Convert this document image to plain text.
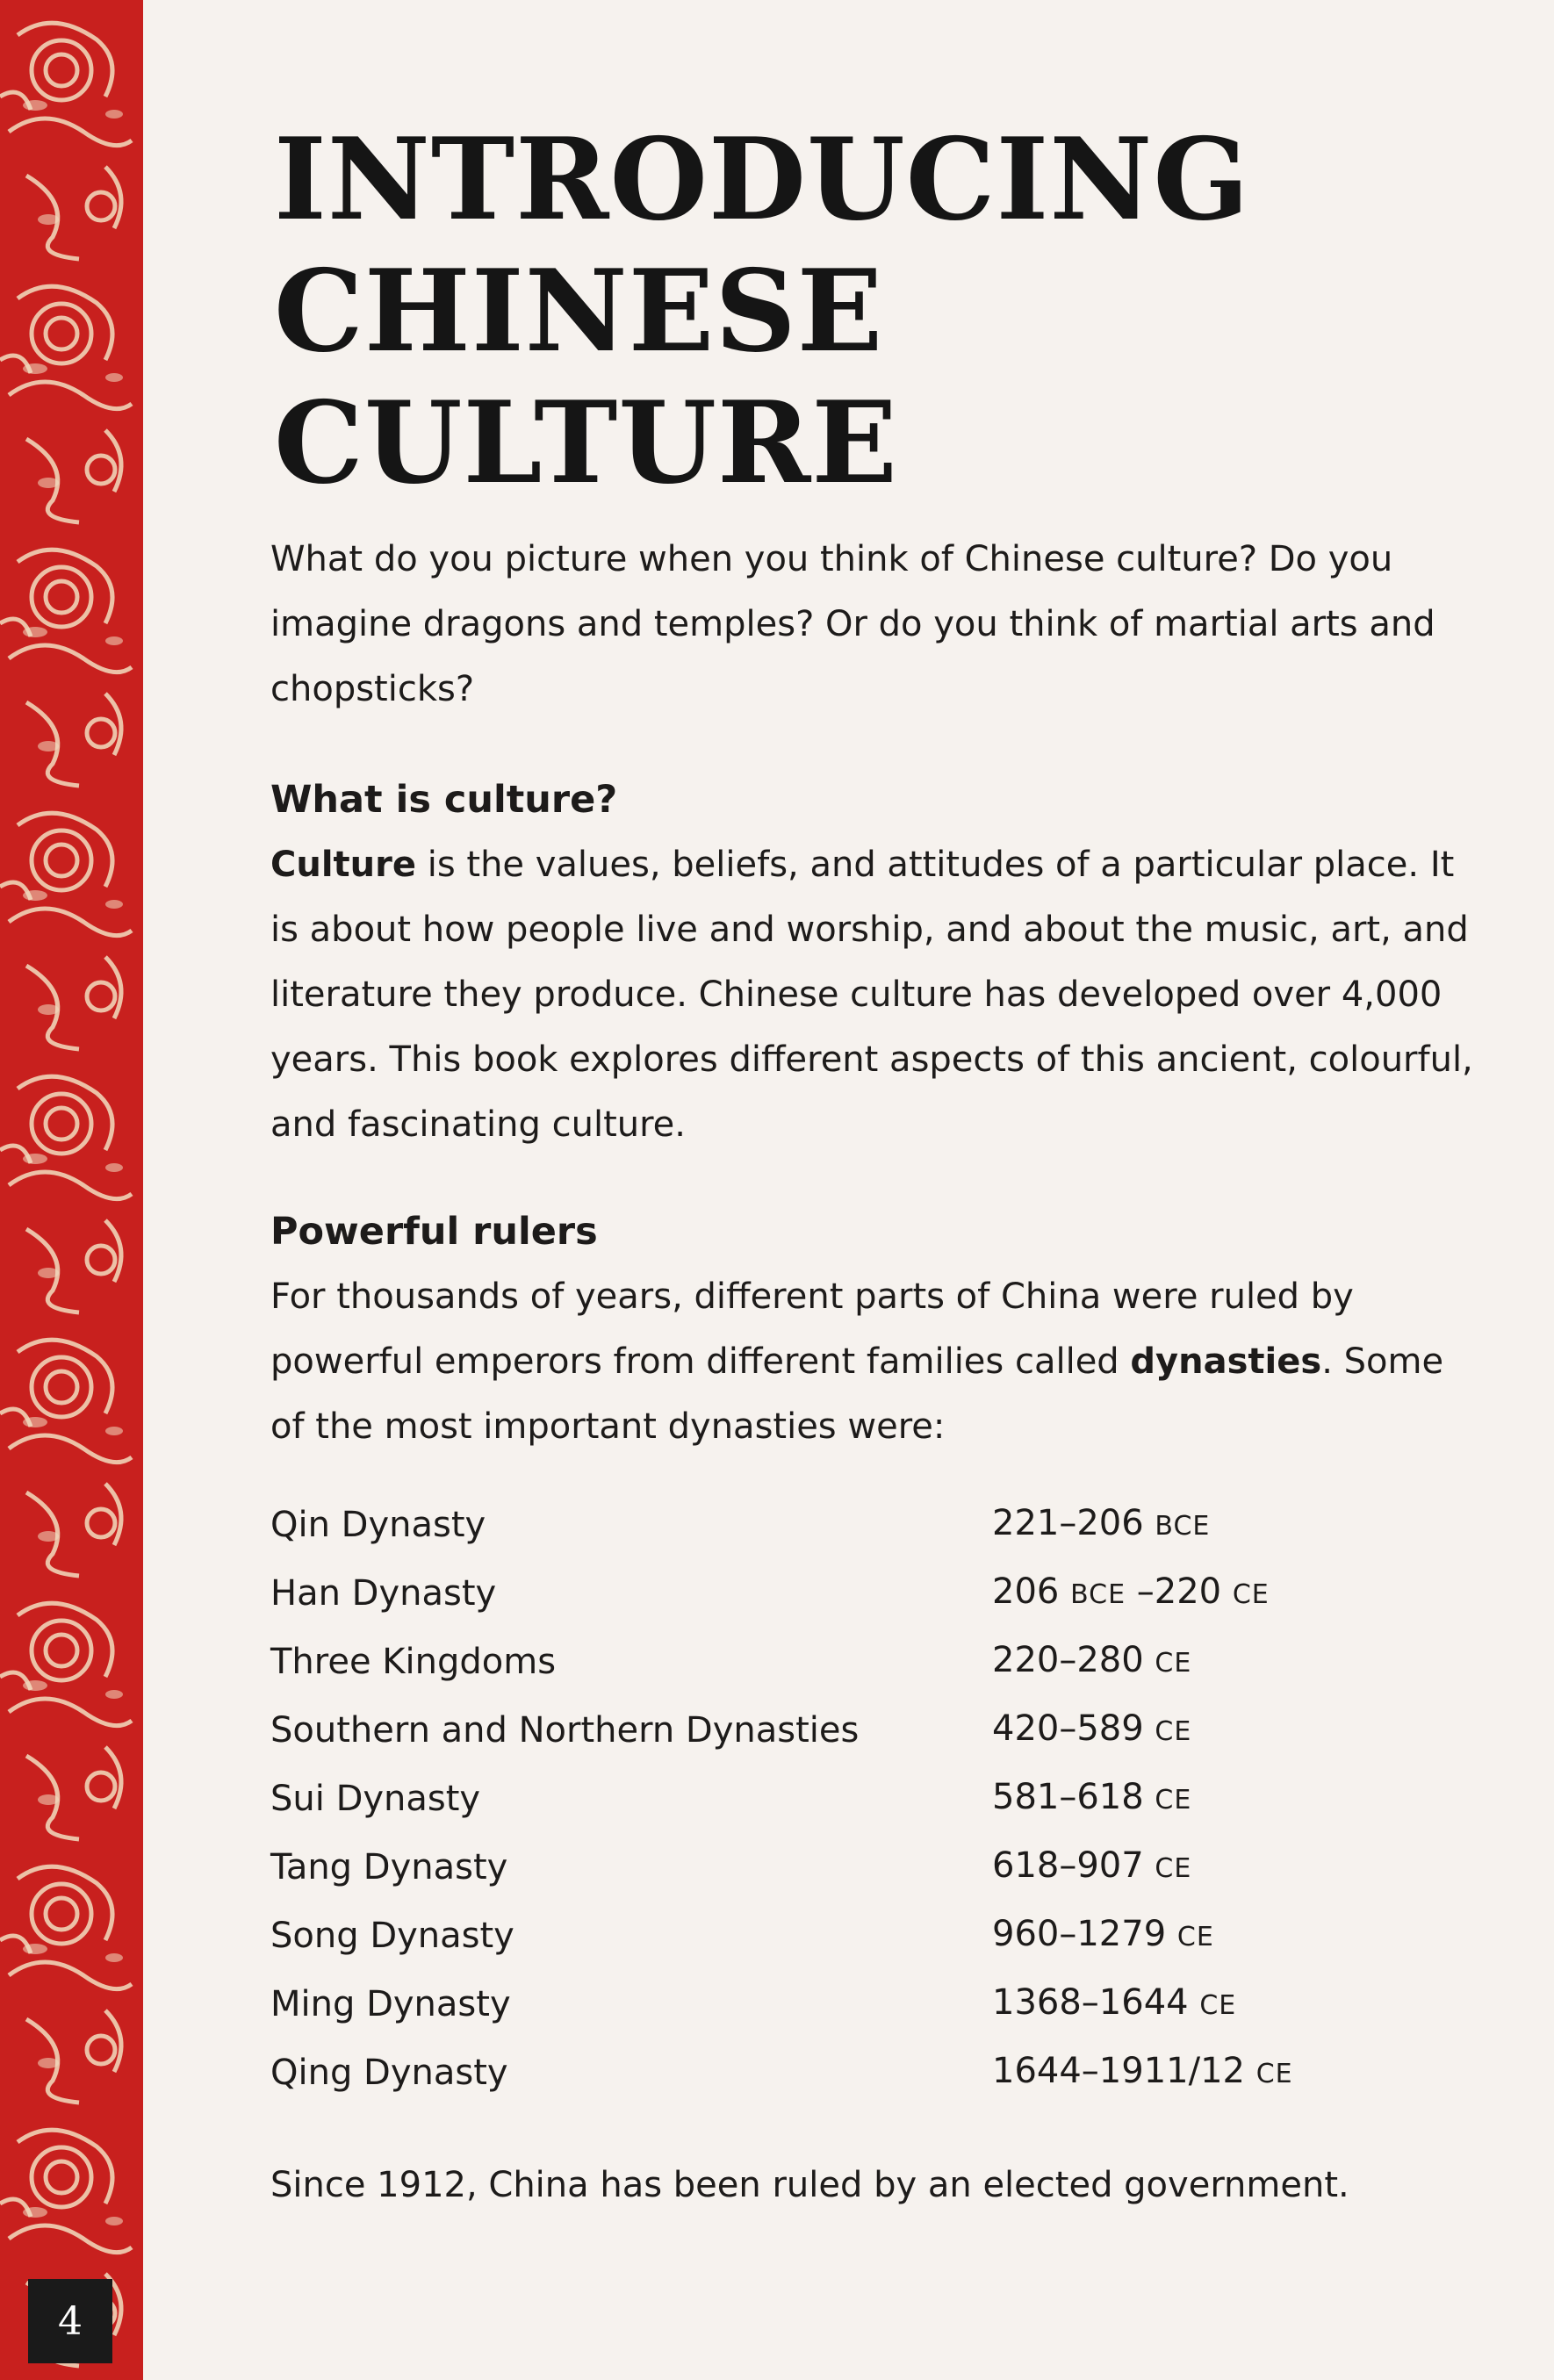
4

INTRODUCING
CHINESE CULTURE

What do you picture when you think of Chinese culture? Do you imagine dragons and temples? Or do you think of martial arts and chopsticks?

What is culture?

Culture is the values, beliefs, and attitudes of a particular place. It is about how people live and worship, and about the music, art, and literature they produce. Chinese culture has developed over 4,000 years. This book explores different aspects of this ancient, colourful, and fascinating culture.

Powerful rulers

For thousands of years, different parts of China were ruled by powerful emperors from different families called dynasties. Some of the most important dynasties were:

Qin Dynasty	221–206 BCE
Han Dynasty	206 BCE –220 CE
Three Kingdoms	220–280 CE
Southern and Northern Dynasties	420–589 CE
Sui Dynasty	581–618 CE
Tang Dynasty	618–907 CE
Song Dynasty	960–1279 CE
Ming Dynasty	1368–1644 CE
Qing Dynasty	1644–1911/12 CE

Since 1912, China has been ruled by an elected government.
